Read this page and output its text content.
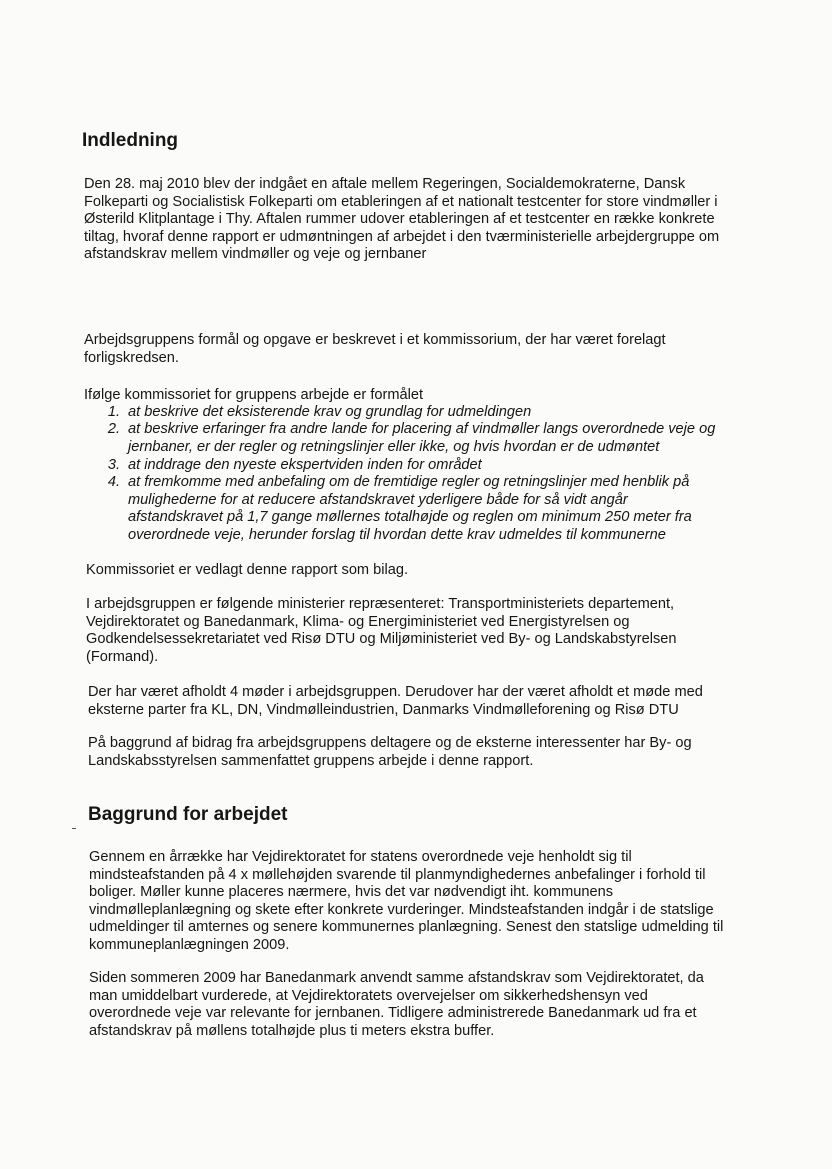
Indledning

Den 28. maj 2010 blev der indgået en aftale mellem Regeringen, Socialdemokraterne, Dansk
Folkeparti og Socialistisk Folkeparti om etableringen af et nationalt testcenter for store vindmøller i
Østerild Klitplantage i Thy. Aftalen rummer udover etableringen af et testcenter en række konkrete
tiltag, hvoraf denne rapport er udmøntningen af arbejdet i den tværministerielle arbejdergruppe om
afstandskrav mellem vindmøller og veje og jernbaner

Arbejdsgruppens formål og opgave er beskrevet i et kommissorium, der har været forelagt
forligskredsen.

Ifølge kommissoriet for gruppens arbejde er formålet

1. at beskrive det eksisterende krav og grundlag for udmeldingen
2. at beskrive erfaringer fra andre lande for placering af vindmøller langs overordnede veje og
jernbaner, er der regler og retningslinjer eller ikke, og hvis hvordan er de udmøntet
3. at inddrage den nyeste ekspertviden inden for området
4. at fremkomme med anbefaling om de fremtidige regler og retningslinjer med henblik på
mulighederne for at reducere afstandskravet yderligere både for så vidt angår
afstandskravet på 1,7 gange møllernes totalhøjde og reglen om minimum 250 meter fra
overordnede veje, herunder forslag til hvordan dette krav udmeldes til kommunerne

Kommissoriet er vedlagt denne rapport som bilag.

I arbejdsgruppen er følgende ministerier repræsenteret: Transportministeriets departement,
Vejdirektoratet og Banedanmark, Klima- og Energiministeriet ved Energistyrelsen og
Godkendelsessekretariatet ved Risø DTU og Miljøministeriet ved By- og Landskabstyrelsen
(Formand).

Der har været afholdt 4 møder i arbejdsgruppen. Derudover har der været afholdt et møde med
eksterne parter fra KL, DN, Vindmølleindustrien, Danmarks Vindmølleforening og Risø DTU

På baggrund af bidrag fra arbejdsgruppens deltagere og de eksterne interessenter har By- og
Landskabsstyrelsen sammenfattet gruppens arbejde i denne rapport.

Baggrund for arbejdet

Gennem en årrække har Vejdirektoratet for statens overordnede veje henholdt sig til
mindsteafstanden på 4 x møllehøjden svarende til planmyndighedernes anbefalinger i forhold til
boliger. Møller kunne placeres nærmere, hvis det var nødvendigt iht. kommunens
vindmølleplanlægning og skete efter konkrete vurderinger. Mindsteafstanden indgår i de statslige
udmeldinger til amternes og senere kommunernes planlægning. Senest den statslige udmelding til
kommuneplanlægningen 2009.

Siden sommeren 2009 har Banedanmark anvendt samme afstandskrav som Vejdirektoratet, da
man umiddelbart vurderede, at Vejdirektoratets overvejelser om sikkerhedshensyn ved
overordnede veje var relevante for jernbanen. Tidligere administrerede Banedanmark ud fra et
afstandskrav på møllens totalhøjde plus ti meters ekstra buffer.
